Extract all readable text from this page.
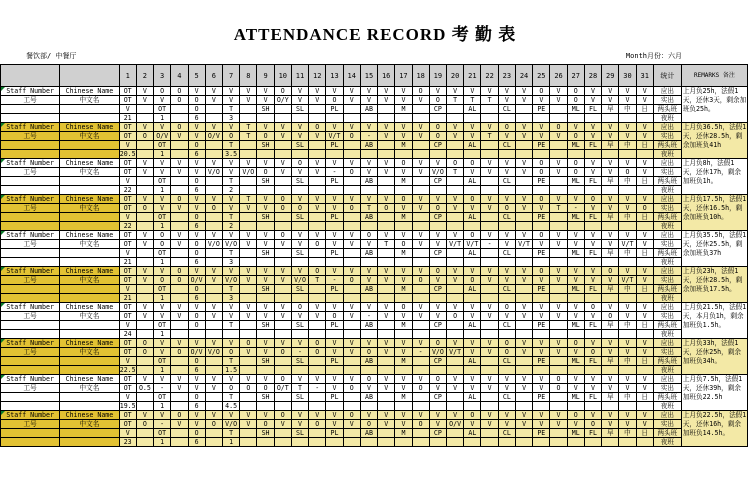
ATTENDANCE RECORD 考 勤 表
餐饮部/ 中餐厅	Month月份：六月
		1	2	3	4	5	6	7	8	9	10	11	12	13	14	15	16	17	18	19	20	21	22	23	24	25	26	27	28	29	30	31	统计	REMARKS 备注
Staff Number	Chinese Name	OT	V	O	O	V	V	V	V	V	O	V	V	V	V	V	V	V	O	V	V	V	V	V	V	O	V	O	V	V	V	V	应出	上月负25h，法假1天，还休3天，剩余加班负25h。
工号	中文名	OT	V	V	O	O	V	V	V	V	O/Y	V	V	O	V	V	V	V	V	O	T	T	T	V	V	V	V	O	V	V	V	V	实出	
		V		OT		O		T		SH		SL		PL		AB		M		CP		AL		CL		PE		ML	FL	早	中	日	两头班	
		21		1		6		3																									夜班	
Staff Number	Chinese Name	OT	V	V	O	V	V	V	T	V	V	V	O	V	V	V	V	V	V	O	V	V	V	O	V	V	O	V	V	V	V	V	应出	上月负36.5h，法假1天，还休28.5h，剩余加班负41h
工号	中文名	OT	O	O/V	V	V	O/V	O	T	O	V	V	V	V/T	O	-	V	V	V	O	V	V	T	V	V	V	V	O	V	V	V	V	实出	
		V		OT		O		T		SH		SL		PL		AB		M		CP		AL		CL		PE		ML	FL	早	中	日	两头班	
		20.5		1		6		3.5																									夜班	
Staff Number	Chinese Name	OT	V	V	V	V	V	V	V	V	V	O	V	V	V	V	V	O	V	V	O	O	V	V	V	O	V	O	V	V	V	V	应出	上月负8h，法假1天，还休17h，剩余加班负1h。
工号	中文名	OT	V	V	V	V	V/O	V	V/O	O	V	V	V	-	O	V	V	V	V	V/O	T	V	V	V	V	O	V	O	V	V	O	V	实出	
		V		OT		O		T		SH		SL		PL		AB		M		CP		AL		CL		PE		ML	FL	早	中	日	两头班	
		22		1		6		2																									夜班	
Staff Number	Chinese Name	OT	V	V	O	V	V	V	T	V	O	V	V	V	V	V	V	O	V	V	V	O	V	V	V	O	V	V	O	V	V	V	应出	上月负17.5h，法假1天，还休16.5h，剩余加班负10h。
工号	中文名	OT	O	V	V	V	O	V	V	V	O	O	V	V	O	T	O	V	V	O	V	V	V	O	V	V	T	-	V	V	V	O	实出	
		V		OT		O		T		SH		SL		PL		AB		M		CP		AL		CL		PE		ML	FL	早	中	日	两头班	
		22		1		6		2																									夜班	
Staff Number	Chinese Name	OT	V	O	V	V	V	V	V	V	O	V	V	V	V	O	V	V	V	V	V	O	V	V	V	O	V	V	V	V	V	V	应出	上月负35.5h，法假1天，还休25.5h，剩余加班负37h
工号	中文名	OT	V	O	V	O	V/O	V/O	V	V	V	V	O	V	V	V	T	O	V	V	V/T	V/T	-	V	V/T	V	V	V	V	V	V/T	V	实出	
		V		OT		O		T		SH		SL		PL		AB		M		CP		AL		CL		PE		ML	FL	早	中	日	两头班	
		21		1		6		3																									夜班	
Staff Number	Chinese Name	OT	V	V	O	V	V	V	V	V	V	V	O	V	V	V	V	V	V	O	V	V	V	V	V	O	V	V	V	O	V	V	应出	上月负23h，法假1天，还休28.5h，剩余加班负17.5h。
工号	中文名	OT	V	O	O	O/V	V	V/O	V	V	V	V/O	T	-	O	V	V	V	O	V	V	O	V	V	V	V	V	V	V	V	V/T	V	实出	
		V		OT		O		T		SH		SL		PL		AB		M		CP		AL		CL		PE		ML	FL	早	中	日	两头班	
		21		1		6		3																									夜班	
Staff Number	Chinese Name	OT	V	V	V	V	V	V	V	V	V	O	V	V	V	V	V	O	V	V	V	V	V	O	V	V	V	V	O	V	V	V	应出	上月负21.5h，法假1天，本月负1h，剩余加班负1.5h。
工号	中文名	OT	V	V	V	O	V	V	V	V	V	V	V	O	V	-	V	V	V	V	O	V	V	V	V	V	V	V	V	O	V	V	实出	
		V		OT		O		T		SH		SL		PL		AB		M		CP		AL		CL		PE		ML	FL	早	中	日	两头班	
		24		1																													夜班	
Staff Number	Chinese Name	OT	O	V	V	V	V	V	O	V	V	V	O	V	V	V	V	V	V	O	V	V	V	O	V	V	V	O	V	V	V	V	应出	上月负33h，法假1天，还休25h，剩余加班负34h。
工号	中文名	OT	O	V	O	O/V	V/O	O	V	V	O	-	O	V	V	O	V	V	-	V/O	V/T	V	V	O	V	V	V	V	O	V	V	V	实出	
		V		OT		O		T		SH		SL		PL		AB		M		CP		AL		CL		PE		ML	FL	早	中	日	两头班	
		22.5		1		6		1.5																									夜班	
Staff Number	Chinese Name	OT	V	V	V	V	V	V	V	V	O	V	V	V	V	O	V	V	V	O	V	V	V	V	V	V	O	V	V	V	V	V	应出	上月负7.5h，法假1天，还休39h，剩余加班负22.5h
工号	中文名	OT	O.5	-	V	V	V	O	O	O	O/T	T	-	V	O	V	V	V	O	V	V	V	V	V	V	V	O	V	V	V	V	V	实出	
		V		OT		O		T		SH		SL		PL		AB		M		CP		AL		CL		PE		ML	FL	早	中	日	两头班	
		19.5		1		6		4.5																									夜班	
Staff Number	Chinese Name	OT	V	V	O	V	V	V	V	V	O	V	V	V	O	V	V	V	V	V	V	O	V	V	V	V	V	O	V	V	V	V	应出	上月负22.5h，法假1天，还休16h，剩余加班负14.5h。
工号	中文名	OT	O	-	V	V	O	V/O	V	O	V	V	O	V	V	O	V	V	O	V	O/V	V	V	V	V	V	V	V	O	V	V	V	实出	
		V		OT		O		T		SH		SL		PL		AB		M		CP		AL		CL		PE		ML	FL	早	中	日	两头班	
		23		1		6		1																									夜班	
